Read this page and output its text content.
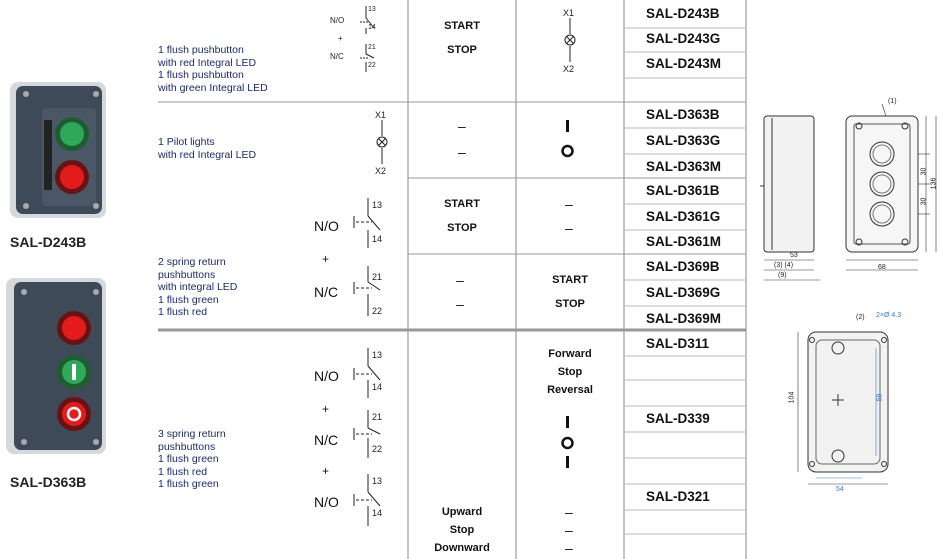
SAL-D243B
SAL-D363B
1 flush pushbutton
with red Integral LED
1 flush pushbutton
with green Integral LED
N/O
+
N/C
13
14
21
22
START
STOP
X1
X2
SAL-D243B
SAL-D243G
SAL-D243M
1 Pilot lights
with red Integral LED
X1
X2
–
–
SAL-D363B
SAL-D363G
SAL-D363M
START
STOP
–
–
SAL-D361B
SAL-D361G
SAL-D361M
N/O
+
N/C
13
14
21
22
2 spring return
pushbuttons
with integral LED
1 flush green
1 flush red
–
–
START
STOP
SAL-D369B
SAL-D369G
SAL-D369M
3 spring return
pushbuttons
1 flush green
1 flush red
1 flush green
N/O
+
N/C
+
N/O
13
14
21
22
13
14
Forward
Stop
Reversal
Upward
Stop
Downward
–
–
–
SAL-D311
SAL-D339
SAL-D321
53
(3) (4)
(9)
(1)
30
30
136
68
(2) 2×Ø 4.3
104	58
54
